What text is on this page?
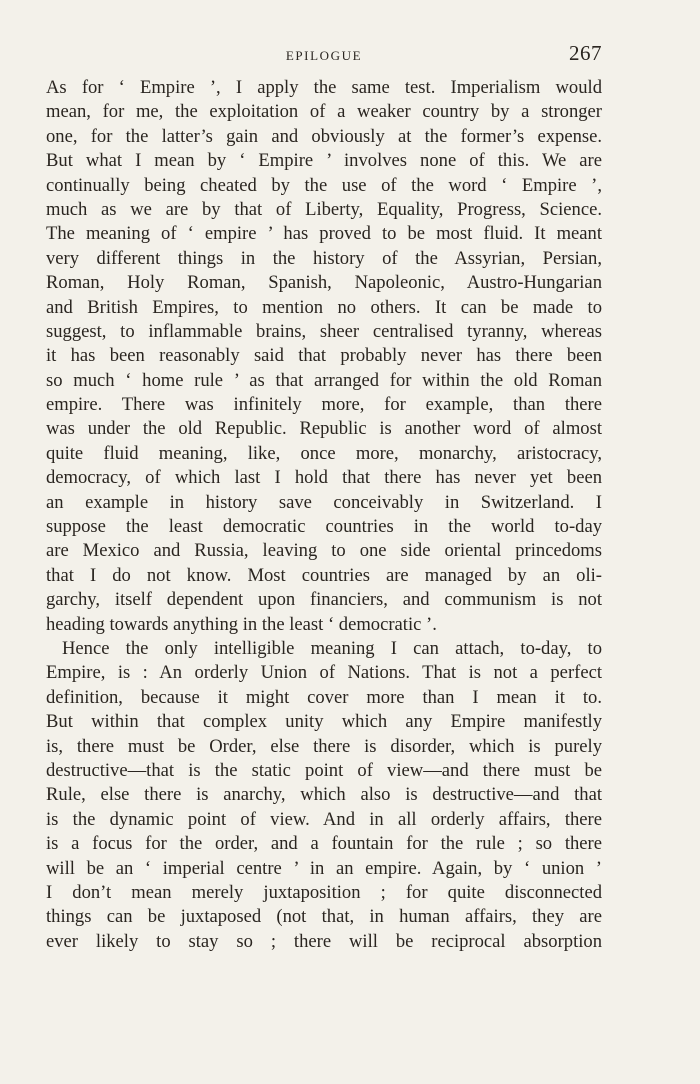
EPILOGUE	267
As for ‘ Empire ’, I apply the same test. Imperialism would
mean, for me, the exploitation of a weaker country by a stronger
one, for the latter’s gain and obviously at the former’s expense.
But what I mean by ‘ Empire ’ involves none of this. We are
continually being cheated by the use of the word ‘ Empire ’,
much as we are by that of Liberty, Equality, Progress, Science.
The meaning of ‘ empire ’ has proved to be most fluid. It meant
very different things in the history of the Assyrian, Persian,
Roman, Holy Roman, Spanish, Napoleonic, Austro-Hungarian
and British Empires, to mention no others. It can be made to
suggest, to inflammable brains, sheer centralised tyranny, whereas
it has been reasonably said that probably never has there been
so much ‘ home rule ’ as that arranged for within the old Roman
empire. There was infinitely more, for example, than there
was under the old Republic. Republic is another word of almost
quite fluid meaning, like, once more, monarchy, aristocracy,
democracy, of which last I hold that there has never yet been
an example in history save conceivably in Switzerland. I
suppose the least democratic countries in the world to-day
are Mexico and Russia, leaving to one side oriental princedoms
that I do not know. Most countries are managed by an oli-
garchy, itself dependent upon financiers, and communism is not
heading towards anything in the least ‘ democratic ’.
Hence the only intelligible meaning I can attach, to-day, to
Empire, is : An orderly Union of Nations. That is not a perfect
definition, because it might cover more than I mean it to.
But within that complex unity which any Empire manifestly
is, there must be Order, else there is disorder, which is purely
destructive—that is the static point of view—and there must be
Rule, else there is anarchy, which also is destructive—and that
is the dynamic point of view. And in all orderly affairs, there
is a focus for the order, and a fountain for the rule ; so there
will be an ‘ imperial centre ’ in an empire. Again, by ‘ union ’
I don’t mean merely juxtaposition ; for quite disconnected
things can be juxtaposed (not that, in human affairs, they are
ever likely to stay so ; there will be reciprocal absorption
